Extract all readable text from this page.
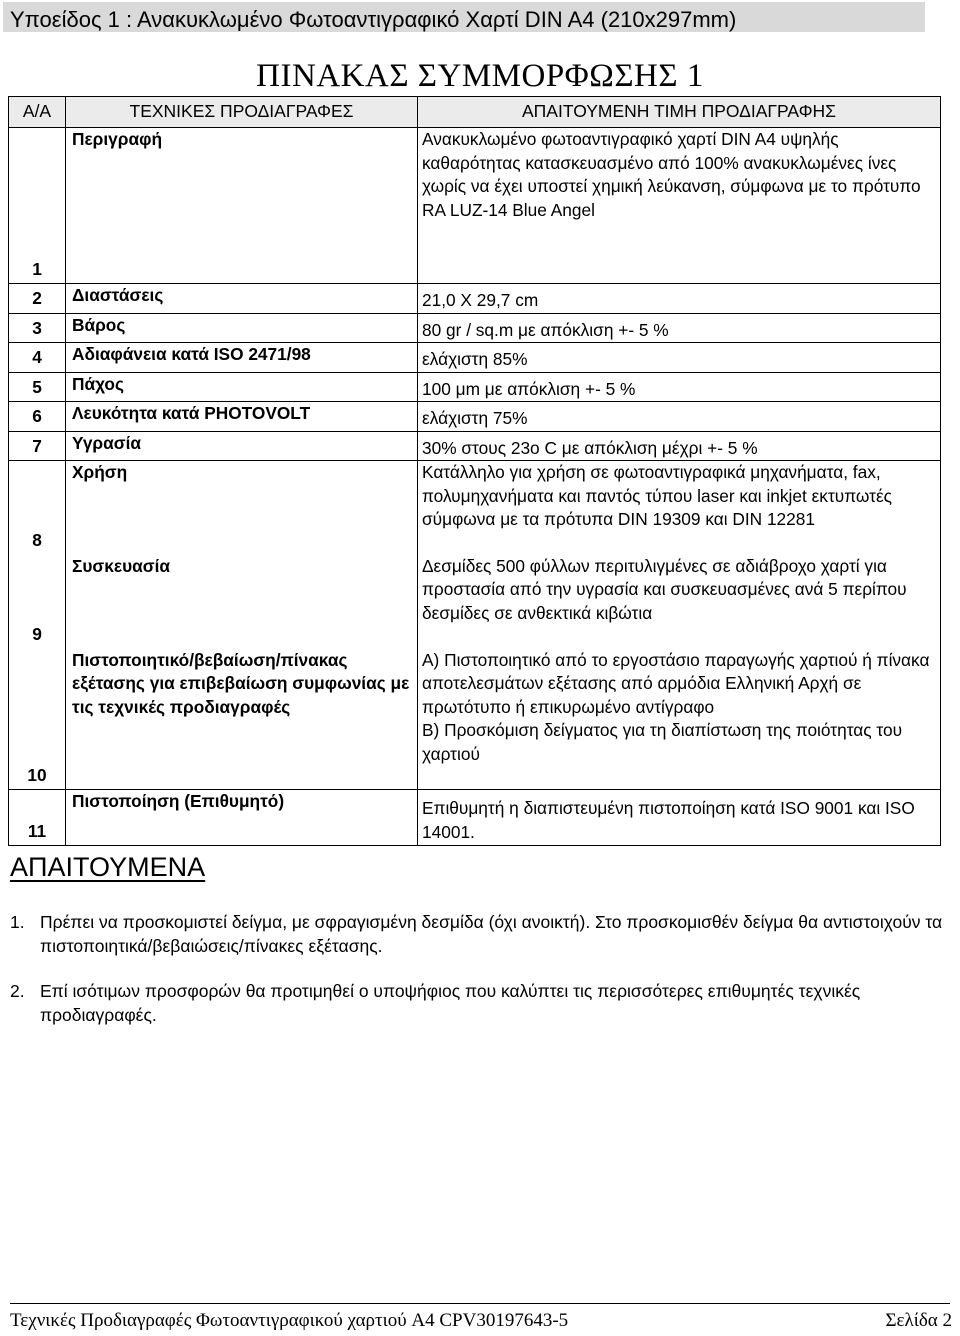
Υποείδος 1 : Ανακυκλωμένο Φωτοαντιγραφικό Χαρτί DIN A4 (210x297mm)
ΠΙΝΑΚΑΣ ΣΥΜΜΟΡΦΩΣΗΣ 1
Α/Α	ΤΕΧΝΙΚΕΣ ΠΡΟΔΙΑΓΡΑΦΕΣ	ΑΠΑΙΤΟΥΜΕΝΗ ΤΙΜΗ ΠΡΟΔΙΑΓΡΑΦΗΣ
1	Περιγραφή	Ανακυκλωμένο φωτοαντιγραφικό χαρτί DIN A4 υψηλής καθαρότητας κατασκευασμένο από 100% ανακυκλωμένες ίνες χωρίς να έχει υποστεί χημική λεύκανση, σύμφωνα με το πρότυπο RA LUZ-14 Blue Angel
2	Διαστάσεις	21,0 Χ 29,7 cm
3	Βάρος	80 gr / sq.m με απόκλιση +- 5 %
4	Αδιαφάνεια κατά ISO 2471/98	ελάχιστη 85%
5	Πάχος	100 μm με απόκλιση +- 5 %
6	Λευκότητα κατά PHOTOVOLT	ελάχιστη 75%
7	Υγρασία	30% στους 23ο C με απόκλιση μέχρι +- 5 %
8	Χρήση	Κατάλληλο για χρήση σε φωτοαντιγραφικά μηχανήματα, fax, πολυμηχανήματα και παντός τύπου laser και inkjet εκτυπωτές σύμφωνα με τα πρότυπα DIN 19309 και DIN 12281
9	Συσκευασία	Δεσμίδες 500 φύλλων περιτυλιγμένες σε αδιάβροχο χαρτί για προστασία από την υγρασία και συσκευασμένες ανά 5 περίπου δεσμίδες σε ανθεκτικά κιβώτια
10	Πιστοποιητικό/βεβαίωση/πίνακας εξέτασης για επιβεβαίωση συμφωνίας με τις τεχνικές προδιαγραφές	Α) Πιστοποιητικό από το εργοστάσιο παραγωγής χαρτιού ή πίνακα αποτελεσμάτων εξέτασης από αρμόδια Ελληνική Αρχή σε πρωτότυπο ή επικυρωμένο αντίγραφο
Β) Προσκόμιση δείγματος για τη διαπίστωση της ποιότητας του χαρτιού

11	Πιστοποίηση (Επιθυμητό)	Επιθυμητή η διαπιστευμένη πιστοποίηση κατά ISO 9001 και ISO 14001.
ΑΠΑΙΤΟΥΜΕΝΑ
1. Πρέπει να προσκομιστεί δείγμα, με σφραγισμένη δεσμίδα (όχι ανοικτή). Στο προσκομισθέν δείγμα θα αντιστοιχούν τα πιστοποιητικά/βεβαιώσεις/πίνακες εξέτασης.
2. Επί ισότιμων προσφορών θα προτιμηθεί ο υποψήφιος που καλύπτει τις περισσότερες επιθυμητές τεχνικές προδιαγραφές.
Τεχνικές Προδιαγραφές Φωτοαντιγραφικού χαρτιού A4 CPV30197643-5	Σελίδα 2
